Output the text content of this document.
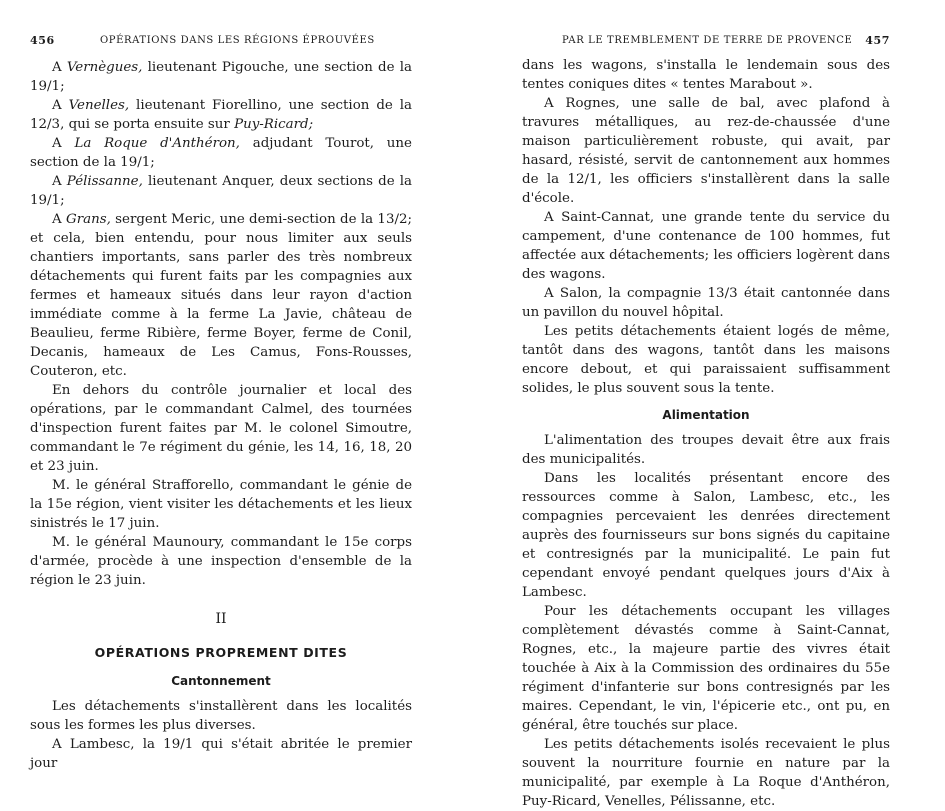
456	OPÉRATIONS DANS LES RÉGIONS ÉPROUVÉES

A Vernègues, lieutenant Pigouche, une section de la 19/1;

A Venelles, lieutenant Fiorellino, une section de la 12/3, qui se porta ensuite sur Puy-Ricard;

A La Roque d'Anthéron, adjudant Tourot, une section de la 19/1;

A Pélissanne, lieutenant Anquer, deux sections de la 19/1;

A Grans, sergent Meric, une demi-section de la 13/2; et cela, bien entendu, pour nous limiter aux seuls chantiers importants, sans parler des très nombreux détachements qui furent faits par les compagnies aux fermes et hameaux situés dans leur rayon d'action immédiate comme à la ferme La Javie, château de Beaulieu, ferme Ribière, ferme Boyer, ferme de Conil, Decanis, hameaux de Les Camus, Fons-Rousses, Couteron, etc.

En dehors du contrôle journalier et local des opérations, par le commandant Calmel, des tournées d'inspection furent faites par M. le colonel Simoutre, commandant le 7e régiment du génie, les 14, 16, 18, 20 et 23 juin.

M. le général Strafforello, commandant le génie de la 15e région, vient visiter les détachements et les lieux sinistrés le 17 juin.

M. le général Maunoury, commandant le 15e corps d'armée, procède à une inspection d'ensemble de la région le 23 juin.

II

OPÉRATIONS PROPREMENT DITES

Cantonnement

Les détachements s'installèrent dans les localités sous les formes les plus diverses.

A Lambesc, la 19/1 qui s'était abritée le premier jour

PAR LE TREMBLEMENT DE TERRE DE PROVENCE 457

dans les wagons, s'installa le lendemain sous des tentes coniques dites « tentes Marabout ».

A Rognes, une salle de bal, avec plafond à travures métalliques, au rez-de-chaussée d'une maison particulièrement robuste, qui avait, par hasard, résisté, servit de cantonnement aux hommes de la 12/1, les officiers s'installèrent dans la salle d'école.

A Saint-Cannat, une grande tente du service du campement, d'une contenance de 100 hommes, fut affectée aux détachements; les officiers logèrent dans des wagons.

A Salon, la compagnie 13/3 était cantonnée dans un pavillon du nouvel hôpital.

Les petits détachements étaient logés de même, tantôt dans des wagons, tantôt dans les maisons encore debout, et qui paraissaient suffisamment solides, le plus souvent sous la tente.

Alimentation

L'alimentation des troupes devait être aux frais des municipalités.

Dans les localités présentant encore des ressources comme à Salon, Lambesc, etc., les compagnies percevaient les denrées directement auprès des fournisseurs sur bons signés du capitaine et contresignés par la municipalité. Le pain fut cependant envoyé pendant quelques jours d'Aix à Lambesc.

Pour les détachements occupant les villages complètement dévastés comme à Saint-Cannat, Rognes, etc., la majeure partie des vivres était touchée à Aix à la Commission des ordinaires du 55e régiment d'infanterie sur bons contresignés par les maires. Cependant, le vin, l'épicerie etc., ont pu, en général, être touchés sur place.

Les petits détachements isolés recevaient le plus souvent la nourriture fournie en nature par la municipalité, par exemple à La Roque d'Anthéron, Puy-Ricard, Venelles, Pélissanne, etc.
